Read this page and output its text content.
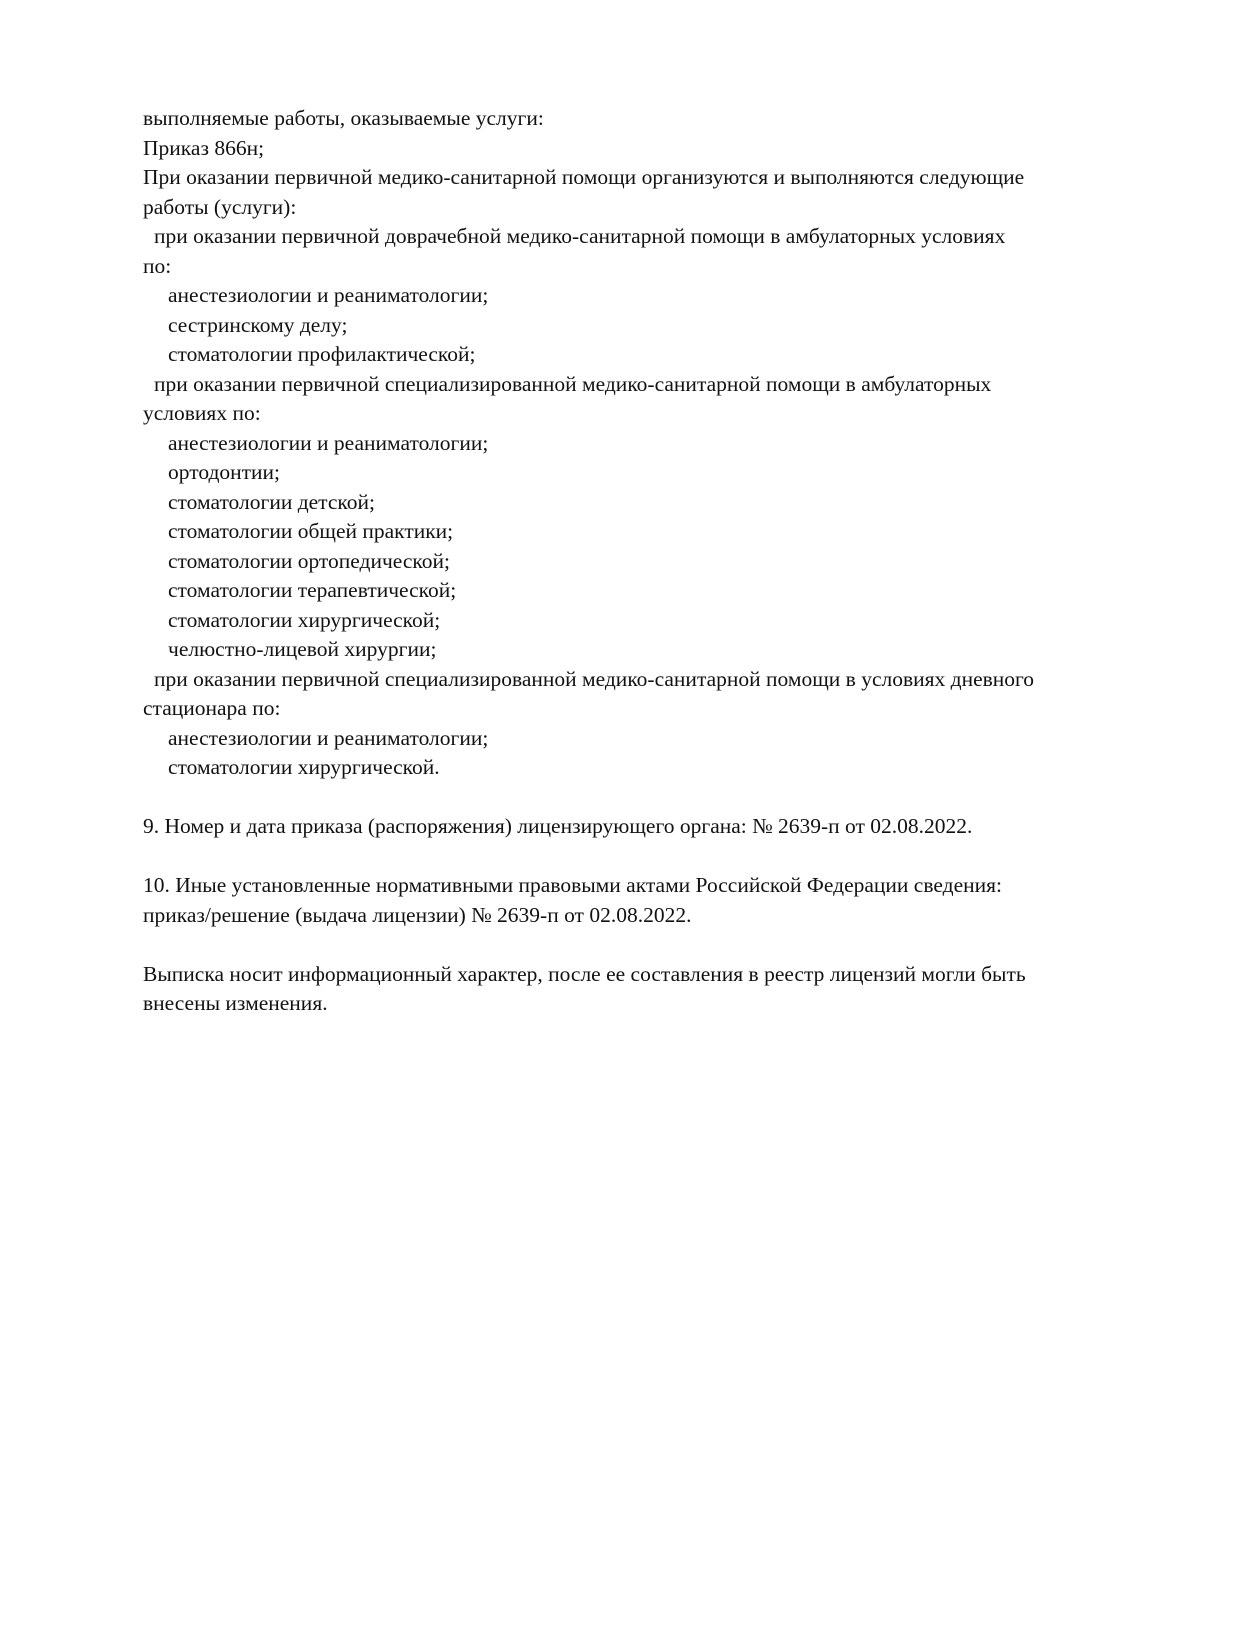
выполняемые работы, оказываемые услуги:
Приказ 866н;
При оказании первичной медико-санитарной помощи организуются и выполняются следующие
работы (услуги):
при оказании первичной доврачебной медико-санитарной помощи в амбулаторных условиях
по:
анестезиологии и реаниматологии;
сестринскому делу;
стоматологии профилактической;
при оказании первичной специализированной медико-санитарной помощи в амбулаторных
условиях по:
анестезиологии и реаниматологии;
ортодонтии;
стоматологии детской;
стоматологии общей практики;
стоматологии ортопедической;
стоматологии терапевтической;
стоматологии хирургической;
челюстно-лицевой хирургии;
при оказании первичной специализированной медико-санитарной помощи в условиях дневного
стационара по:
анестезиологии и реаниматологии;
стоматологии хирургической.
9. Номер и дата приказа (распоряжения) лицензирующего органа: № 2639-п от 02.08.2022.
10. Иные установленные нормативными правовыми актами Российской Федерации сведения:
приказ/решение (выдача лицензии) № 2639-п от 02.08.2022.
Выписка носит информационный характер, после ее составления в реестр лицензий могли быть
внесены изменения.
